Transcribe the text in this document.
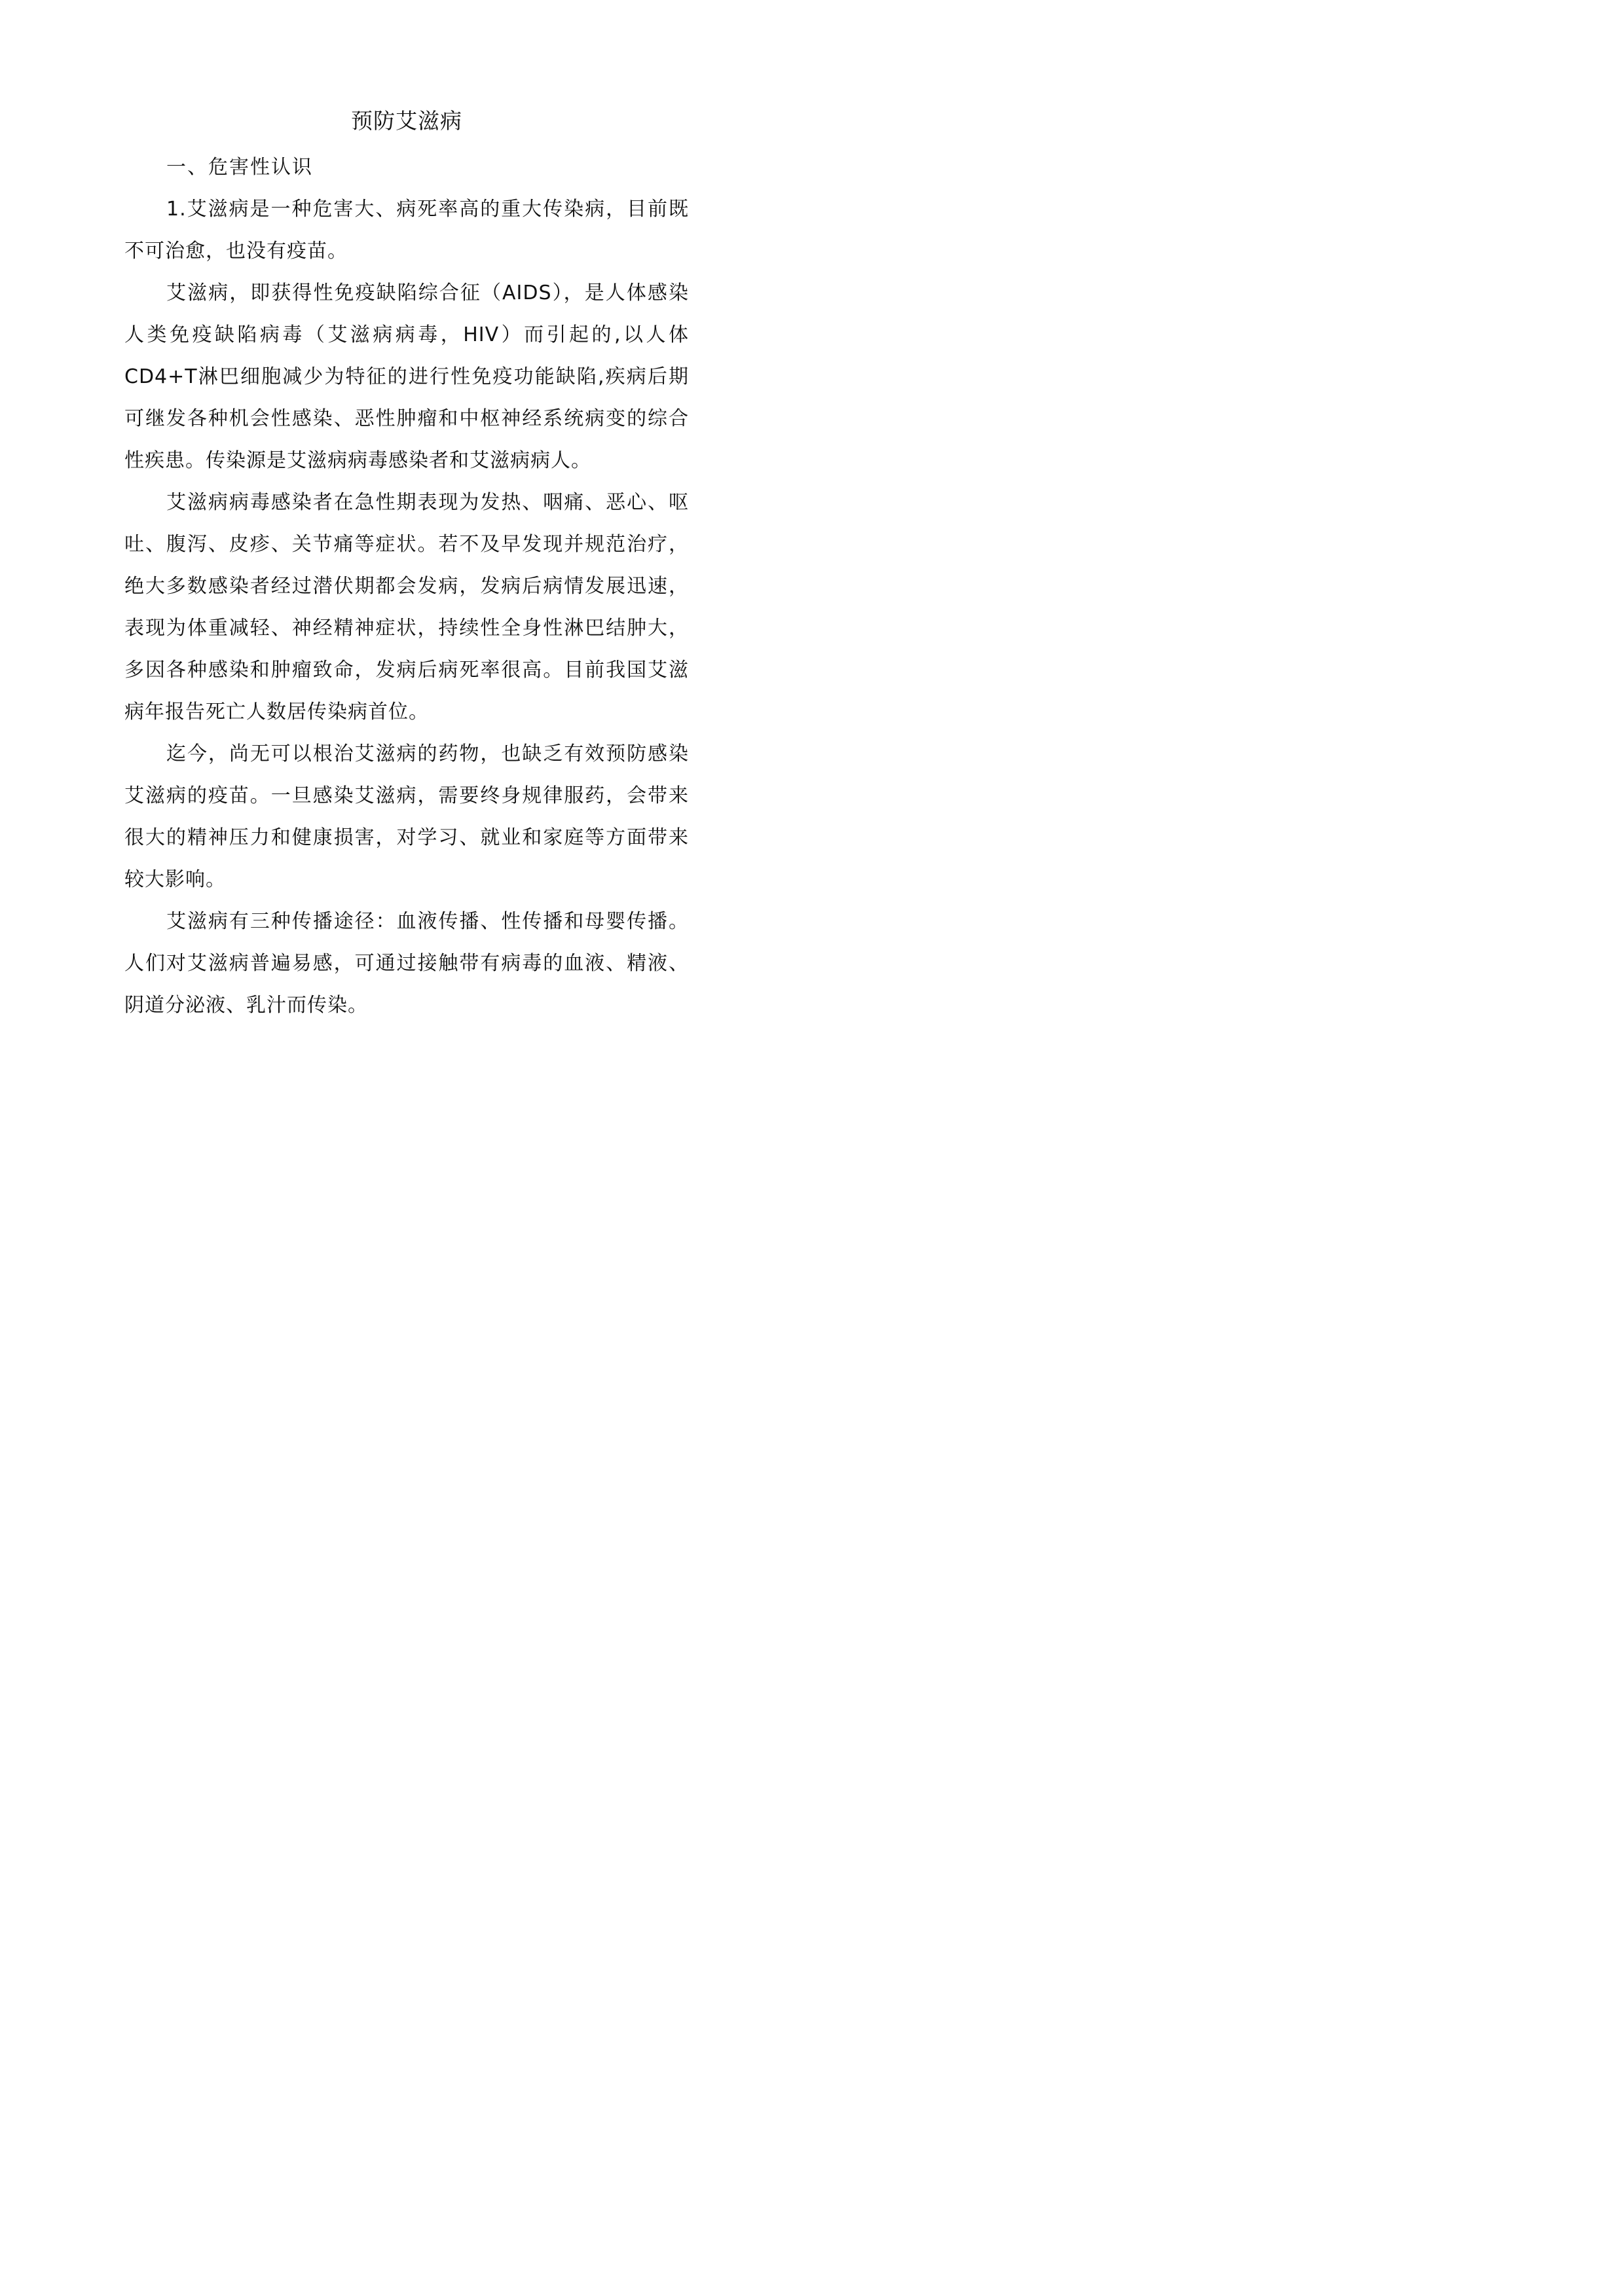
预防艾滋病

一、危害性认识

1.艾滋病是一种危害大、病死率高的重大传染病，目前既不可治愈，也没有疫苗。

艾滋病，即获得性免疫缺陷综合征（AIDS），是人体感染人类免疫缺陷病毒（艾滋病病毒，HIV）而引起的,以人体CD4+T淋巴细胞减少为特征的进行性免疫功能缺陷,疾病后期可继发各种机会性感染、恶性肿瘤和中枢神经系统病变的综合性疾患。传染源是艾滋病病毒感染者和艾滋病病人。

艾滋病病毒感染者在急性期表现为发热、咽痛、恶心、呕吐、腹泻、皮疹、关节痛等症状。若不及早发现并规范治疗，绝大多数感染者经过潜伏期都会发病，发病后病情发展迅速，表现为体重减轻、神经精神症状，持续性全身性淋巴结肿大，多因各种感染和肿瘤致命，发病后病死率很高。目前我国艾滋病年报告死亡人数居传染病首位。

迄今，尚无可以根治艾滋病的药物，也缺乏有效预防感染艾滋病的疫苗。一旦感染艾滋病，需要终身规律服药，会带来很大的精神压力和健康损害，对学习、就业和家庭等方面带来较大影响。

艾滋病有三种传播途径：血液传播、性传播和母婴传播。人们对艾滋病普遍易感，可通过接触带有病毒的血液、精液、阴道分泌液、乳汁而传染。
